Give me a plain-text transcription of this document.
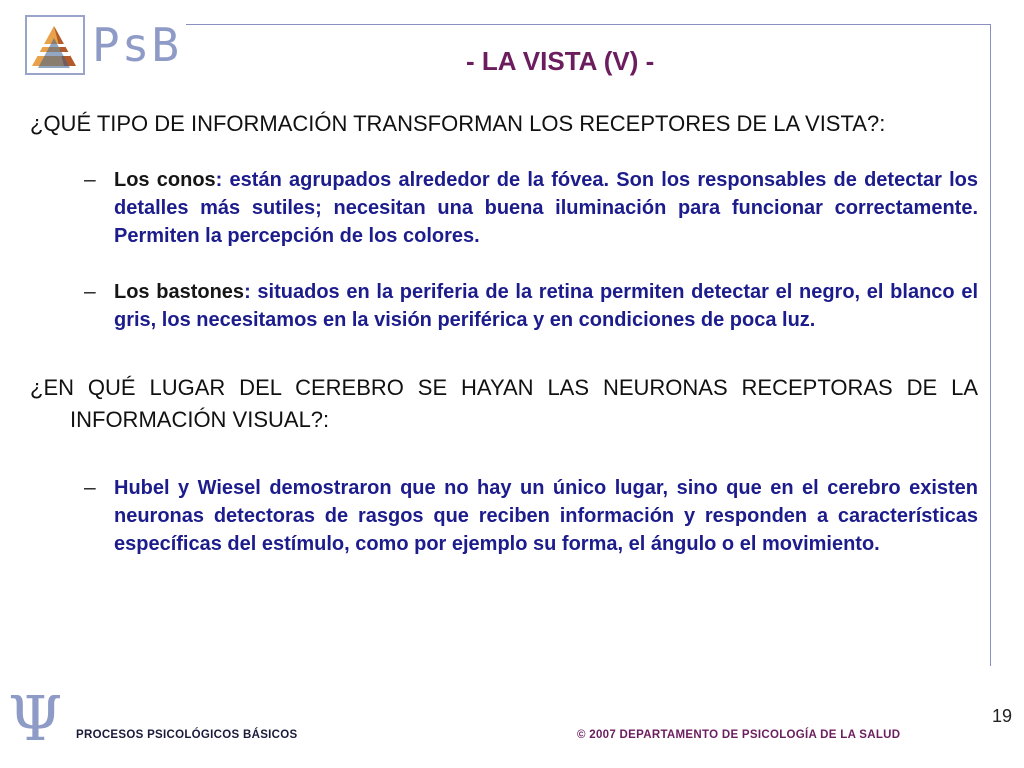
PsB	- LA VISTA (V) -

¿QUÉ TIPO DE INFORMACIÓN TRANSFORMAN LOS RECEPTORES DE LA VISTA?:

– Los conos: están agrupados alrededor de la fóvea. Son los responsables de detectar los detalles más sutiles; necesitan una buena iluminación para funcionar correctamente. Permiten la percepción de los colores.

– Los bastones: situados en la periferia de la retina permiten detectar el negro, el blanco el gris, los necesitamos en la visión periférica y en condiciones de poca luz.

¿EN QUÉ LUGAR DEL CEREBRO SE HAYAN LAS NEURONAS RECEPTORAS DE LA INFORMACIÓN VISUAL?:

– Hubel y Wiesel demostraron que no hay un único lugar, sino que en el cerebro existen neuronas detectoras de rasgos que reciben información y responden a características específicas del estímulo, como por ejemplo su forma, el ángulo o el movimiento.

Ψ PROCESOS PSICOLÓGICOS BÁSICOS	© 2007 DEPARTAMENTO DE PSICOLOGÍA DE LA SALUD
19
